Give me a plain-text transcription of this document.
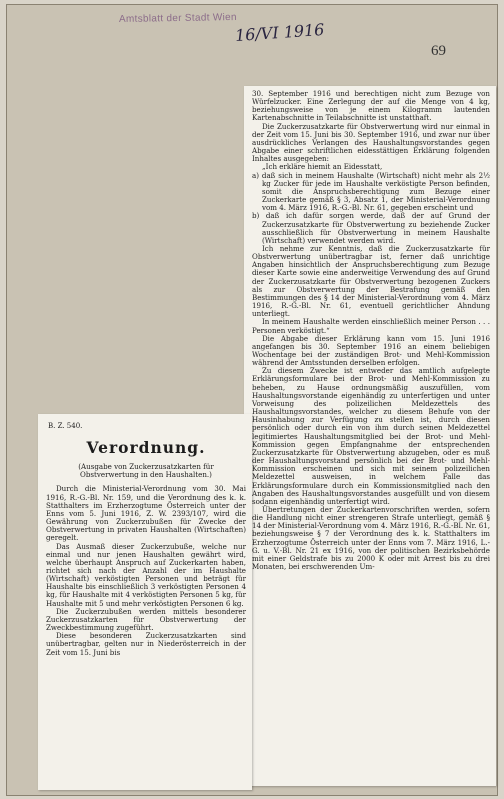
Amtsblatt der Stadt Wien
16/VI 1916
69

30. September 1916 und berechtigen nicht zum Bezuge von Würfelzucker. Eine Zerlegung der auf die Menge von 4 kg, beziehungsweise von je einem Kilogramm lautenden Kartenabschnitte in Teilabschnitte ist unstatthaft.

Die Zuckerzusatzkarte für Obstverwertung wird nur einmal in der Zeit vom 15. Juni bis 30. September 1916, und zwar nur über ausdrückliches Verlangen des Haushaltungsvorstandes gegen Abgabe einer schriftlichen eidesstättigen Erklärung folgenden Inhaltes ausgegeben:

„Ich erkläre hiemit an Eidesstatt,

a) daß sich in meinem Haushalte (Wirtschaft) nicht mehr als 2½ kg Zucker für jede im Haushalte verköstigte Person befinden, somit die Anspruchsberechtigung zum Bezuge einer Zuckerkarte gemäß § 3, Absatz 1, der Ministerial-Verordnung vom 4. März 1916, R.-G.-Bl. Nr. 61, gegeben erscheint und

b) daß ich dafür sorgen werde, daß der auf Grund der Zuckerzusatzkarte für Obstverwertung zu beziehende Zucker ausschließlich für Obstverwertung in meinem Haushalte (Wirtschaft) verwendet werden wird.

Ich nehme zur Kenntnis, daß die Zuckerzusatzkarte für Obstverwertung unübertragbar ist, ferner daß unrichtige Angaben hinsichtlich der Anspruchsberechtigung zum Bezuge dieser Karte sowie eine anderweitige Verwendung des auf Grund der Zuckerzusatzkarte für Obstverwertung bezogenen Zuckers als zur Obstverwertung der Bestrafung gemäß den Bestimmungen des § 14 der Ministerial-Verordnung vom 4. März 1916, R.-G.-Bl. Nr. 61, eventuell gerichtlicher Ahndung unterliegt.

In meinem Haushalte werden einschließlich meiner Person . . . Personen verköstigt.“

Die Abgabe dieser Erklärung kann vom 15. Juni 1916 angefangen bis 30. September 1916 an einem beliebigen Wochentage bei der zuständigen Brot- und Mehl-Kommission während der Amtsstunden derselben erfolgen.

Zu diesem Zwecke ist entweder das amtlich aufgelegte Erklärungsformulare bei der Brot- und Mehl-Kommission zu beheben, zu Hause ordnungsmäßig auszufüllen, vom Haushaltungsvorstande eigenhändig zu unterfertigen und unter Vorweisung des polizeilichen Meldezettels des Haushaltungsvorstandes, welcher zu diesem Behufe von der Hausinhabung zur Verfügung zu stellen ist, durch diesen persönlich oder durch ein von ihm durch seinen Meldezettel legitimiertes Haushaltungsmitglied bei der Brot- und Mehl-Kommission gegen Empfangnahme der entsprechenden Zuckerzusatzkarte für Obstverwertung abzugeben, oder es muß der Haushaltungsvorstand persönlich bei der Brot- und Mehl-Kommission erscheinen und sich mit seinem polizeilichen Meldezettel ausweisen, in welchem Falle das Erklärungsformulare durch ein Kommissionsmitglied nach den Angaben des Haushaltungsvorstandes ausgefüllt und von diesem sodann eigenhändig unterfertigt wird.

Übertretungen der Zuckerkartenvorschriften werden, sofern die Handlung nicht einer strengeren Strafe unterliegt, gemäß § 14 der Ministerial-Verordnung vom 4. März 1916, R.-G.-Bl. Nr. 61, beziehungsweise § 7 der Verordnung des k. k. Statthalters im Erzherzogtume Österreich unter der Enns vom 7. März 1916, L.-G. u. V.-Bl. Nr. 21 ex 1916, von der politischen Bezirksbehörde mit einer Geldstrafe bis zu 2000 K oder mit Arrest bis zu drei Monaten, bei erschwerenden Um-

B. Z. 540.
Verordnung.
(Ausgabe von Zuckerzusatzkarten für Obstverwertung in den Haushalten.)

Durch die Ministerial-Verordnung vom 30. Mai 1916, R.-G.-Bl. Nr. 159, und die Verordnung des k. k. Statthalters im Erzherzogtume Österreich unter der Enns vom 5. Juni 1916, Z. W. 2393/107, wird die Gewährung von Zuckerzubußen für Zwecke der Obstverwertung in privaten Haushalten (Wirtschaften) geregelt.

Das Ausmaß dieser Zuckerzubuße, welche nur einmal und nur jenen Haushalten gewährt wird, welche überhaupt Anspruch auf Zuckerkarten haben, richtet sich nach der Anzahl der im Haushalte (Wirtschaft) verköstigten Personen und beträgt für Haushalte bis einschließlich 3 verköstigten Personen 4 kg, für Haushalte mit 4 verköstigten Personen 5 kg, für Haushalte mit 5 und mehr verköstigten Personen 6 kg.

Die Zuckerzubußen werden mittels besonderer Zuckerzusatzkarten für Obstverwertung der Zweckbestimmung zugeführt.

Diese besonderen Zuckerzusatzkarten sind unübertragbar, gelten nur in Niederösterreich in der Zeit vom 15. Juni bis
